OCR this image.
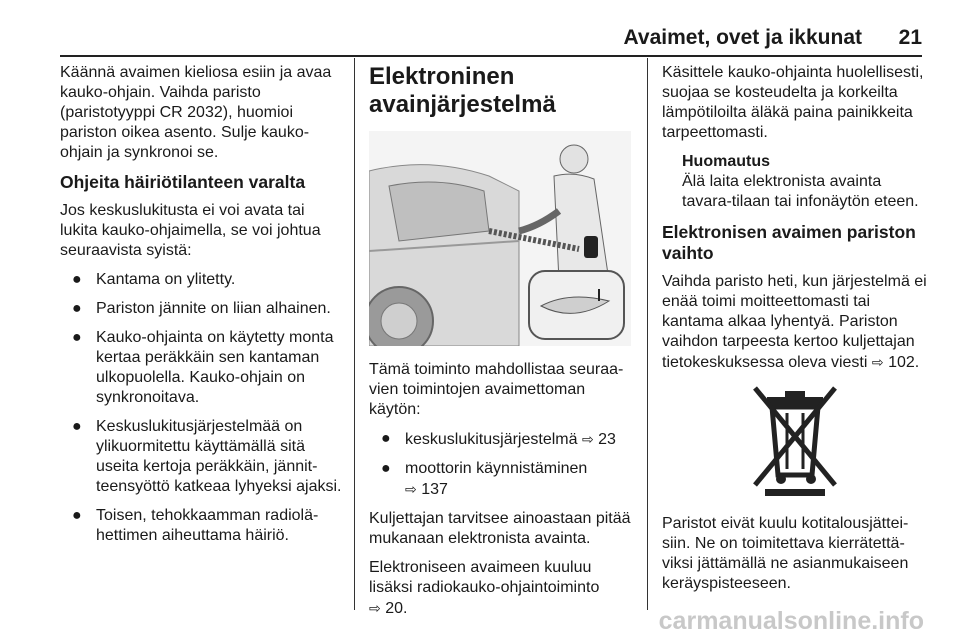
Avaimet, ovet ja ikkunat 21

Käännä avaimen kieliosa esiin ja avaa kauko-ohjain. Vaihda paristo (paristotyyppi CR 2032), huomioi pariston oikea asento. Sulje kauko-ohjain ja synkronoi se.

Ohjeita häiriötilanteen varalta

Jos keskuslukitusta ei voi avata tai lukita kauko-ohjaimella, se voi johtua seuraavista syistä:

● Kantama on ylitetty.
● Pariston jännite on liian alhainen.
● Kauko-ohjainta on käytetty monta kertaa peräkkäin sen kantaman ulkopuolella. Kauko-ohjain on synkronoitava.
● Keskuslukitusjärjestelmää on ylikuormitettu käyttämällä sitä useita kertoja peräkkäin, jännit-teensyöttö katkeaa lyhyeksi ajaksi.
● Toisen, tehokkaamman radiolä-hettimen aiheuttama häiriö.
Elektroninen avainjärjestelmä

Tämä toiminto mahdollistaa seuraa-vien toimintojen avaimettoman käytön:

● keskuslukitusjärjestelmä ⇨ 23
● moottorin käynnistäminen
⇨ 137

Kuljettajan tarvitsee ainoastaan pitää mukanaan elektronista avainta.

Elektroniseen avaimeen kuuluu lisäksi radiokauko-ohjaintoiminto
⇨ 20.

Käsittele kauko-ohjainta huolellisesti, suojaa se kosteudelta ja korkeilta lämpötiloilta äläkä paina painikkeita tarpeettomasti.

Huomautus
Älä laita elektronista avainta tavara-tilaan tai infonäytön eteen.
Elektronisen avaimen pariston vaihto

Vaihda paristo heti, kun järjestelmä ei enää toimi moitteettomasti tai kantama alkaa lyhentyä. Pariston vaihdon tarpeesta kertoo kuljettajan tietokeskuksessa oleva viesti ⇨ 102.

Paristot eivät kuulu kotitalousjättei-siin. Ne on toimitettava kierrätettä-viksi jättämällä ne asianmukaiseen keräyspisteeseen.

carmanualsonline.info
